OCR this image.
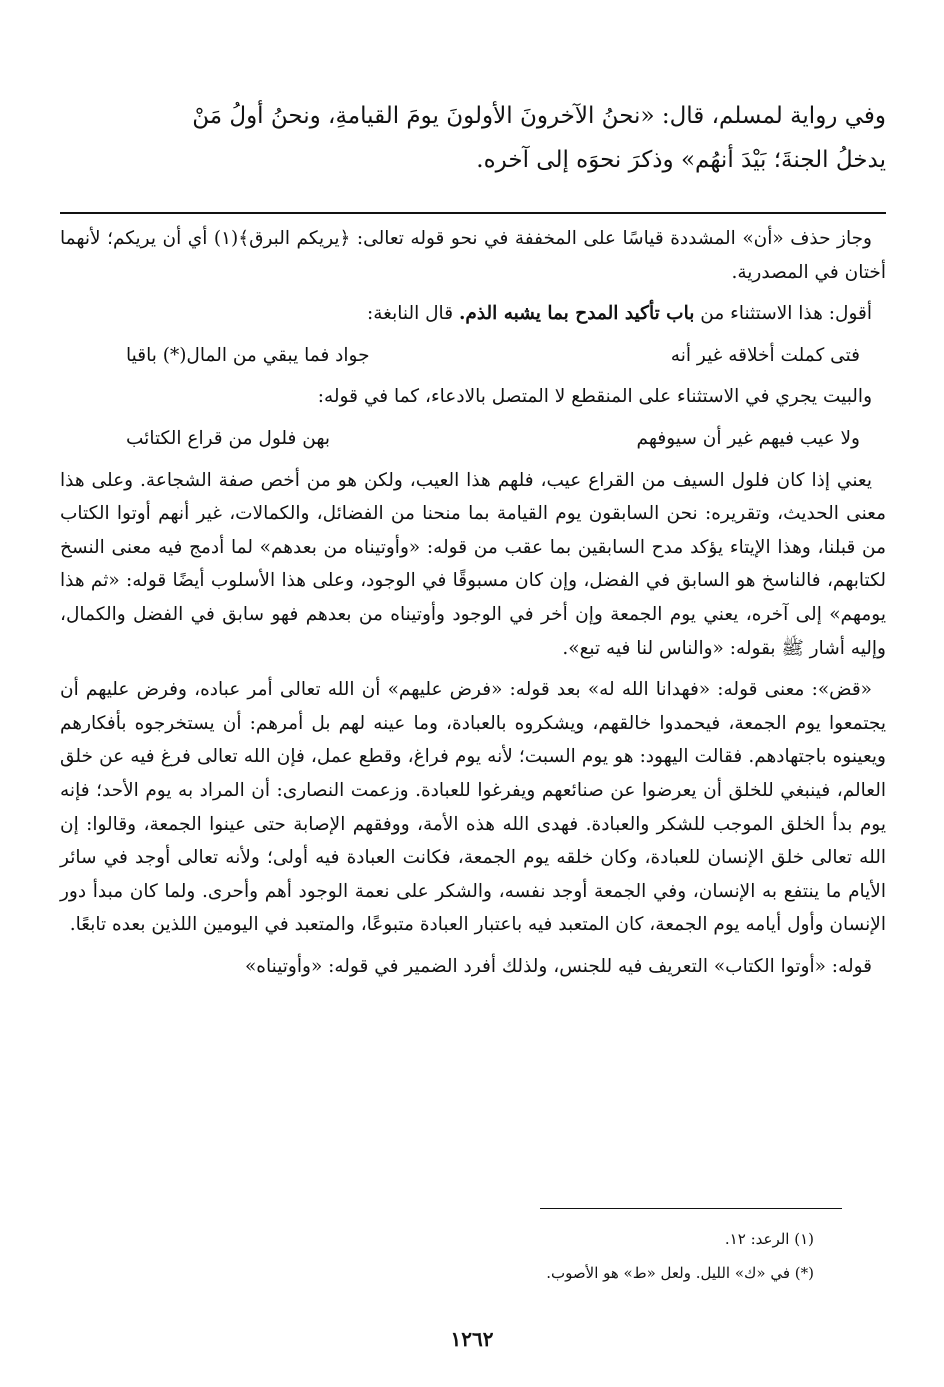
وفي رواية لمسلم، قال: «نحنُ الآخرونَ الأولونَ يومَ القيامةِ، ونحنُ أولُ مَنْ
يدخلُ الجنةَ؛ بَيْدَ أنهُم» وذكرَ نحوَه إلى آخره.

وجاز حذف «أن» المشددة قياسًا على المخففة في نحو قوله تعالى: ﴿يريكم البرق﴾(١) أي أن يريكم؛ لأنهما أختان في المصدرية.

أقول: هذا الاستثناء من باب تأكيد المدح بما يشبه الذم. قال النابغة:

فتى كملت أخلاقه غير أنه
جواد فما يبقي من المال(*) باقيا

والبيت يجري في الاستثناء على المنقطع لا المتصل بالادعاء، كما في قوله:

ولا عيب فيهم غير أن سيوفهم
بهن فلول من قراع الكتائب

يعني إذا كان فلول السيف من القراع عيب، فلهم هذا العيب، ولكن هو من أخص صفة الشجاعة. وعلى هذا معنى الحديث، وتقريره: نحن السابقون يوم القيامة بما منحنا من الفضائل، والكمالات، غير أنهم أوتوا الكتاب من قبلنا، وهذا الإيتاء يؤكد مدح السابقين بما عقب من قوله: «وأوتيناه من بعدهم» لما أدمج فيه معنى النسخ لكتابهم، فالناسخ هو السابق في الفضل، وإن كان مسبوقًا في الوجود، وعلى هذا الأسلوب أيضًا قوله: «ثم هذا يومهم» إلى آخره، يعني يوم الجمعة وإن أخر في الوجود وأوتيناه من بعدهم فهو سابق في الفضل والكمال، وإليه أشار ﷺ بقوله: «والناس لنا فيه تبع».

«قض»: معنى قوله: «فهدانا الله له» بعد قوله: «فرض عليهم» أن الله تعالى أمر عباده، وفرض عليهم أن يجتمعوا يوم الجمعة، فيحمدوا خالقهم، ويشكروه بالعبادة، وما عينه لهم بل أمرهم: أن يستخرجوه بأفكارهم ويعينوه باجتهادهم. فقالت اليهود: هو يوم السبت؛ لأنه يوم فراغ، وقطع عمل، فإن الله تعالى فرغ فيه عن خلق العالم، فينبغي للخلق أن يعرضوا عن صنائعهم ويفرغوا للعبادة. وزعمت النصارى: أن المراد به يوم الأحد؛ فإنه يوم بدأ الخلق الموجب للشكر والعبادة. فهدى الله هذه الأمة، ووفقهم الإصابة حتى عينوا الجمعة، وقالوا: إن الله تعالى خلق الإنسان للعبادة، وكان خلقه يوم الجمعة، فكانت العبادة فيه أولى؛ ولأنه تعالى أوجد في سائر الأيام ما ينتفع به الإنسان، وفي الجمعة أوجد نفسه، والشكر على نعمة الوجود أهم وأحرى. ولما كان مبدأ دور الإنسان وأول أيامه يوم الجمعة، كان المتعبد فيه باعتبار العبادة متبوعًا، والمتعبد في اليومين اللذين بعده تابعًا.

قوله: «أوتوا الكتاب» التعريف فيه للجنس، ولذلك أفرد الضمير في قوله: «وأوتيناه»

(١) الرعد: ١٢.
(*) في «ك» الليل. ولعل «ط» هو الأصوب.
١٢٦٢
